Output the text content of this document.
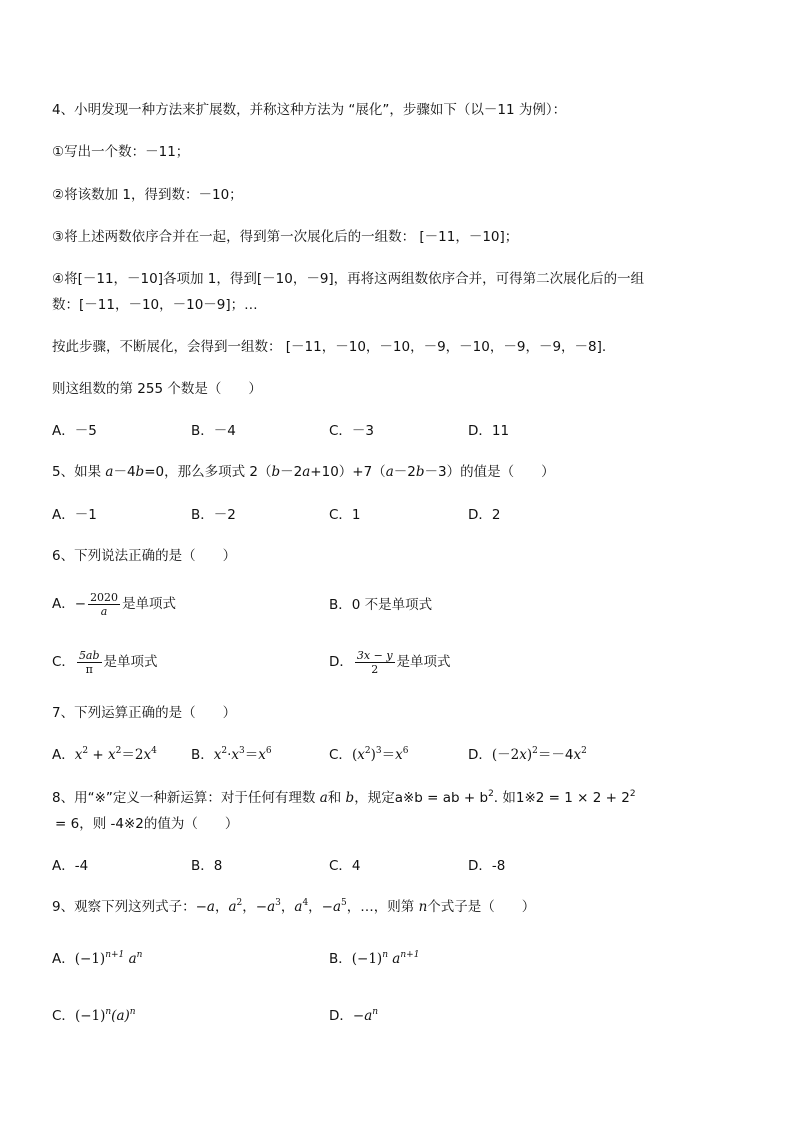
4、小明发现一种方法来扩展数，并称这种方法为 “展化”，步骤如下（以－11 为例）：
①写出一个数：－11；
②将该数加 1，得到数：－10；
③将上述两数依序合并在一起，得到第一次展化后的一组数： [－11，－10]；
④将[－11，－10]各项加 1，得到[－10，－9]，再将这两组数依序合并，可得第二次展化后的一组
数：[－11，－10，－10－9]；…
按此步骤，不断展化，会得到一组数： [－11，－10，－10，－9，－10，－9，－9，－8].
则这组数的第 255 个数是（　　）
A．－5	B．－4	C．－3	D．11
5、如果 a－4b=0，那么多项式 2（b－2a+10）+7（a－2b－3）的值是（　　）
A．－1	B．－2	C．1	D．2
6、下列说法正确的是（　　）
A．− $\frac{2020}{a}$ 是单项式	B．0 不是单项式
C． $\frac{5ab}{\pi}$ 是单项式	D． $\frac{3x - y}{2}$ 是单项式
7、下列运算正确的是（　　）
A．$x^2 + x^2=2x^4$	B．$x^2\cdot x^3=x^6$	C．$(x^2)^3=x^6$	D．$(-2x)^2=-4x^2$
8、用“※”定义一种新运算：对于任何有理数 a和 b，规定a※b = ab + $b^2$. 如1※2 = $1 \times 2 + 2^2$
= 6，则 -4※2的值为（　　）
A．-4	B．8	C．4	D．-8
9、观察下列这列式子：−a，$a^2$，$-a^3$，$a^4$，$-a^5$，…，则第 n个式子是（　　）
A．$(-1)^{n+1}$ $a^n$	B．$(-1)^n$ $a^{n+1}$
C．$(-1)^n(a)^n$	D．$-a^n$
